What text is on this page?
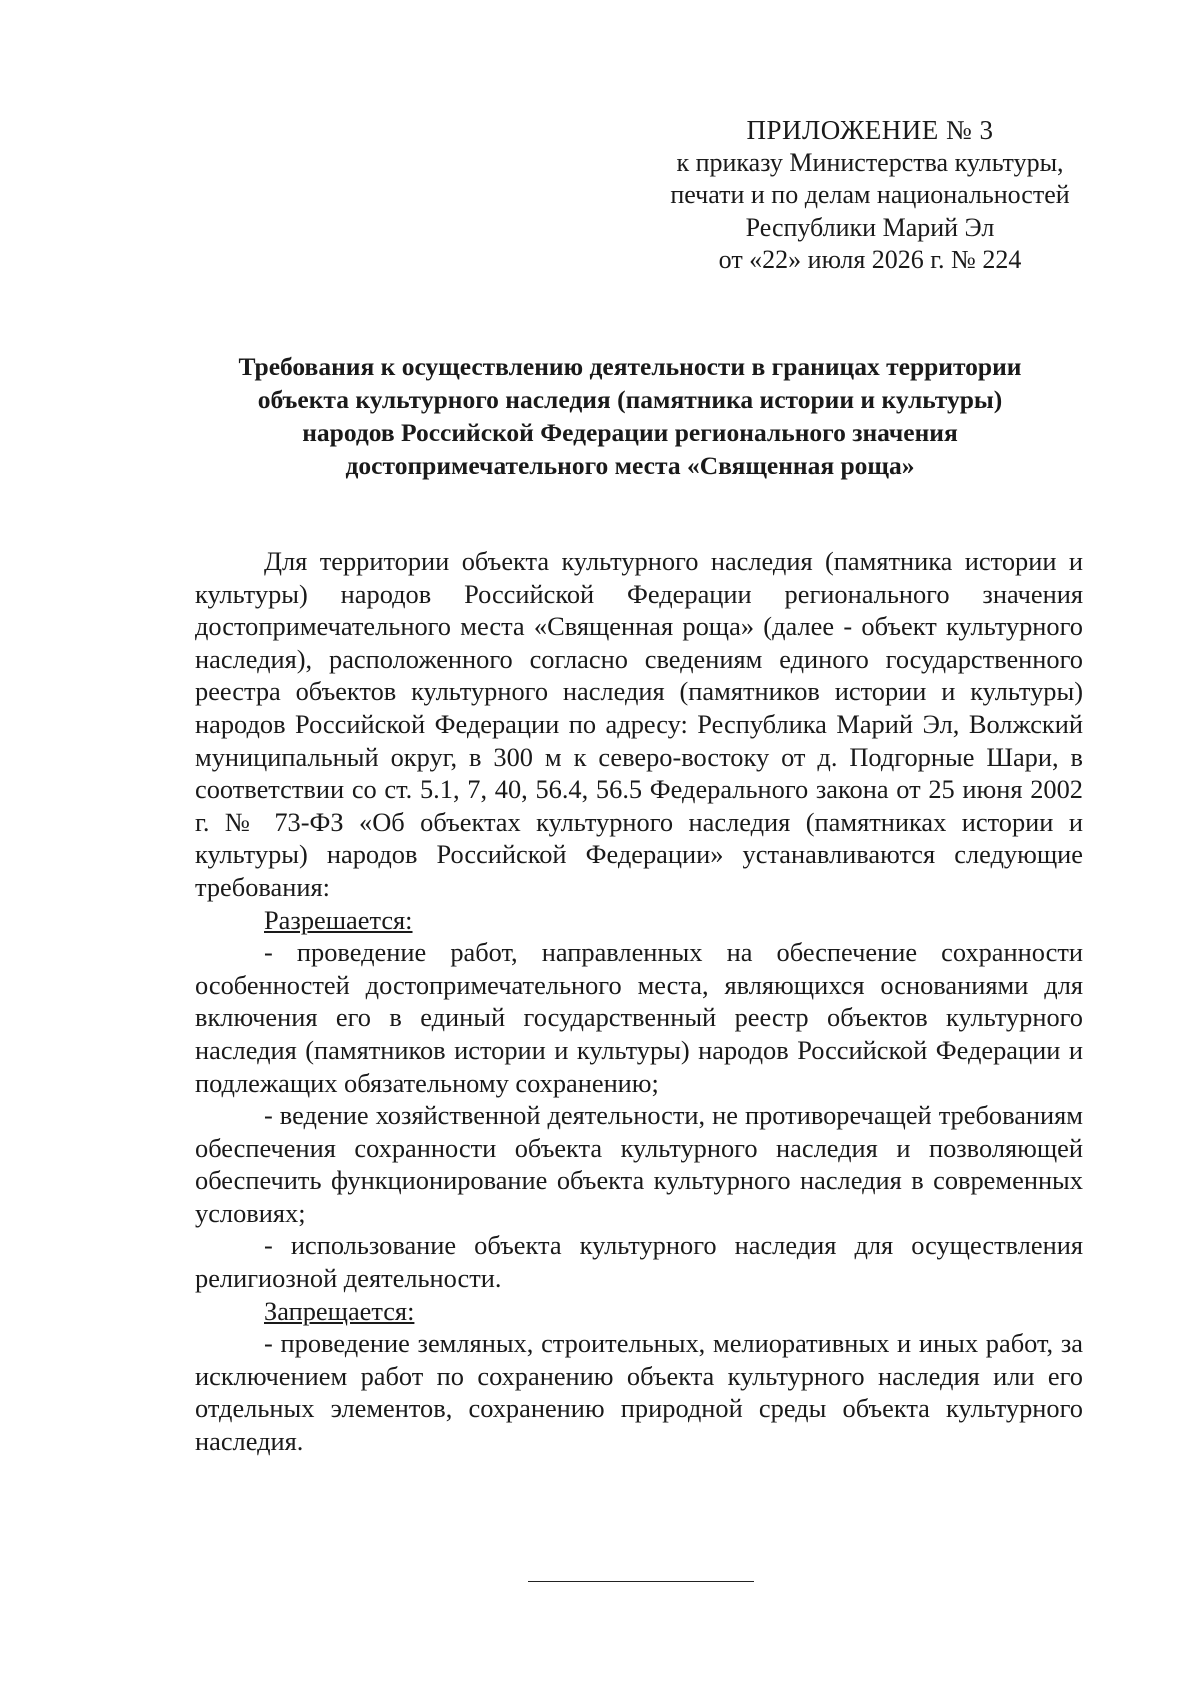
ПРИЛОЖЕНИЕ № 3
к приказу Министерства культуры,
печати и по делам национальностей
Республики Марий Эл
от «22» июля 2026 г. № 224
Требования к осуществлению деятельности в границах территории
объекта культурного наследия (памятника истории и культуры)
народов Российской Федерации регионального значения
достопримечательного места «Священная роща»

Для территории объекта культурного наследия (памятника истории и культуры) народов Российской Федерации регионального значения достопримечательного места «Священная роща» (далее - объект культурного наследия), расположенного согласно сведениям единого государственного реестра объектов культурного наследия (памятников истории и культуры) народов Российской Федерации по адресу: Республика Марий Эл, Волжский муниципальный округ, в 300 м к северо-востоку от д. Подгорные Шари, в соответствии со ст. 5.1, 7, 40, 56.4, 56.5 Федерального закона от 25 июня 2002 г. № 73-ФЗ «Об объектах культурного наследия (памятниках истории и культуры) народов Российской Федерации» устанавливаются следующие требования:

Разрешается:

- проведение работ, направленных на обеспечение сохранности особенностей достопримечательного места, являющихся основаниями для включения его в единый государственный реестр объектов культурного наследия (памятников истории и культуры) народов Российской Федерации и подлежащих обязательному сохранению;

- ведение хозяйственной деятельности, не противоречащей требованиям обеспечения сохранности объекта культурного наследия и позволяющей обеспечить функционирование объекта культурного наследия в современных условиях;

- использование объекта культурного наследия для осуществления религиозной деятельности.

Запрещается:

- проведение земляных, строительных, мелиоративных и иных работ, за исключением работ по сохранению объекта культурного наследия или его отдельных элементов, сохранению природной среды объекта культурного наследия.
